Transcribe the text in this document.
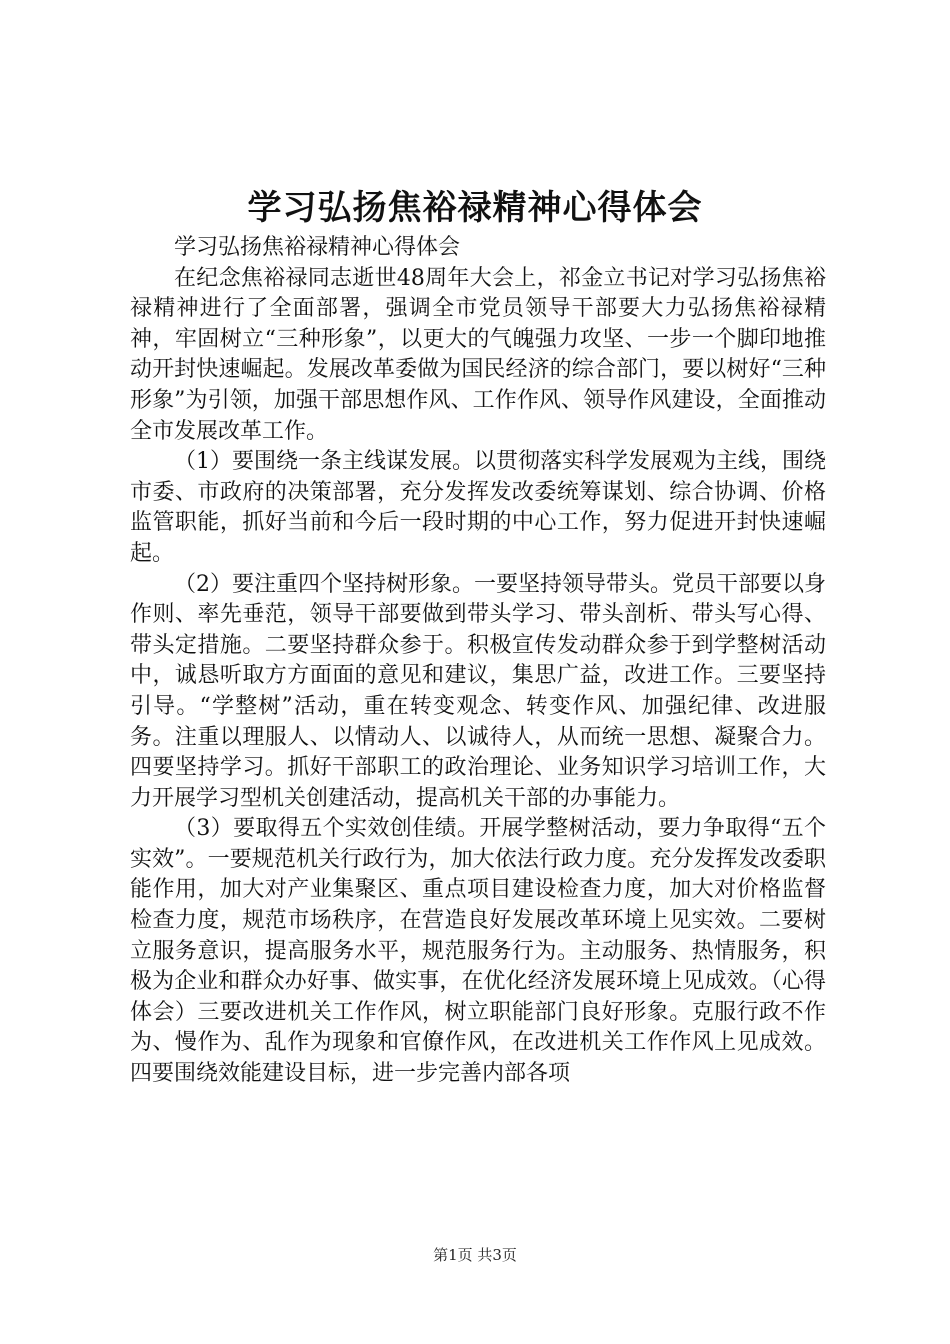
学习弘扬焦裕禄精神心得体会

学习弘扬焦裕禄精神心得体会

在纪念焦裕禄同志逝世48周年大会上，祁金立书记对学习弘扬焦裕禄精神进行了全面部署，强调全市党员领导干部要大力弘扬焦裕禄精神，牢固树立“三种形象”，以更大的气魄强力攻坚、一步一个脚印地推动开封快速崛起。发展改革委做为国民经济的综合部门，要以树好“三种形象”为引领，加强干部思想作风、工作作风、领导作风建设，全面推动全市发展改革工作。

（1）要围绕一条主线谋发展。以贯彻落实科学发展观为主线，围绕市委、市政府的决策部署，充分发挥发改委统筹谋划、综合协调、价格监管职能，抓好当前和今后一段时期的中心工作，努力促进开封快速崛起。

（2）要注重四个坚持树形象。一要坚持领导带头。党员干部要以身作则、率先垂范，领导干部要做到带头学习、带头剖析、带头写心得、带头定措施。二要坚持群众参于。积极宣传发动群众参于到学整树活动中，诚恳听取方方面面的意见和建议，集思广益，改进工作。三要坚持引导。“学整树”活动，重在转变观念、转变作风、加强纪律、改进服务。注重以理服人、以情动人、以诚待人，从而统一思想、凝聚合力。四要坚持学习。抓好干部职工的政治理论、业务知识学习培训工作，大力开展学习型机关创建活动，提高机关干部的办事能力。

（3）要取得五个实效创佳绩。开展学整树活动，要力争取得“五个实效”。一要规范机关行政行为，加大依法行政力度。充分发挥发改委职能作用，加大对产业集聚区、重点项目建设检查力度，加大对价格监督检查力度，规范市场秩序，在营造良好发展改革环境上见实效。二要树立服务意识，提高服务水平，规范服务行为。主动服务、热情服务，积极为企业和群众办好事、做实事，在优化经济发展环境上见成效。（心得体会）三要改进机关工作作风，树立职能部门良好形象。克服行政不作为、慢作为、乱作为现象和官僚作风，在改进机关工作作风上见成效。四要围绕效能建设目标，进一步完善内部各项

第1页 共3页
